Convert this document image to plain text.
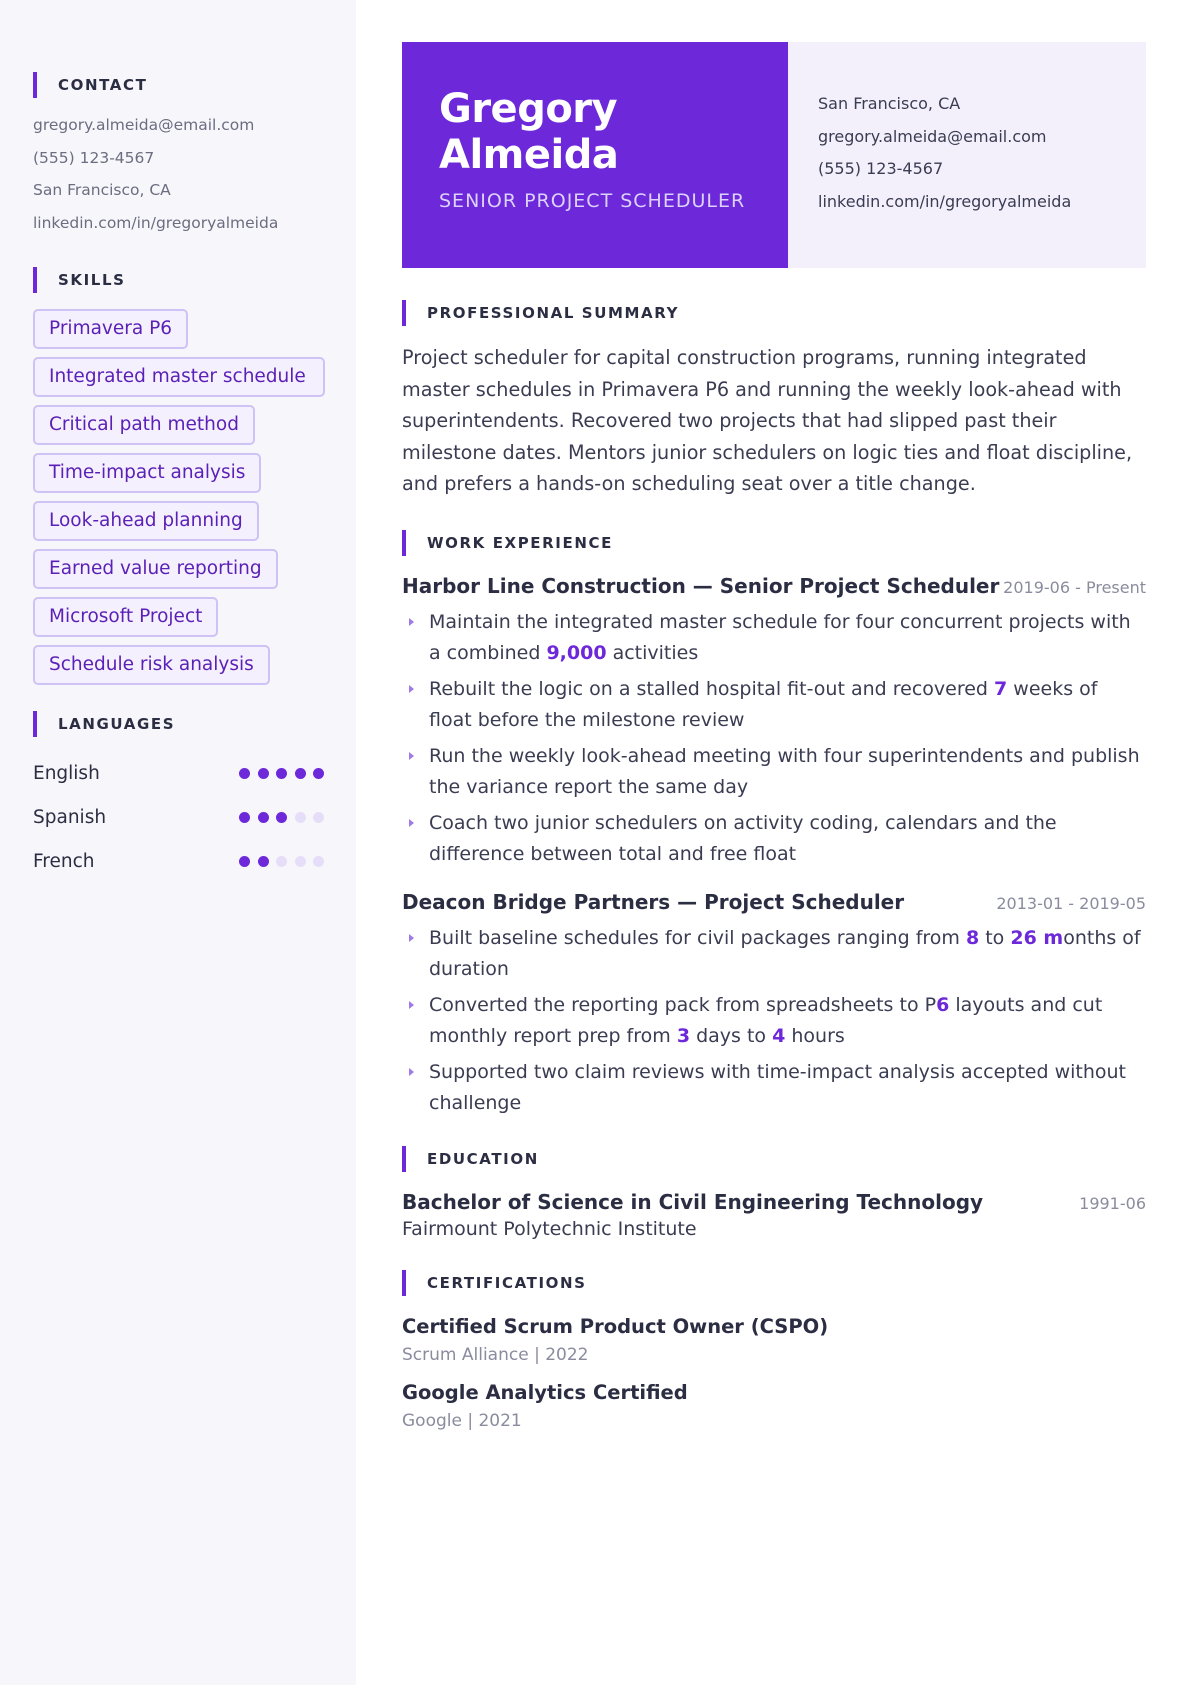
CONTACT
gregory.almeida@email.com
(555) 123-4567
San Francisco, CA
linkedin.com/in/gregoryalmeida
SKILLS
Primavera P6
Integrated master schedule
Critical path method
Time-impact analysis
Look-ahead planning
Earned value reporting
Microsoft Project
Schedule risk analysis
LANGUAGES
English
Spanish
French
Gregory
Almeida
SENIOR PROJECT SCHEDULER
San Francisco, CA
gregory.almeida@email.com
(555) 123-4567
linkedin.com/in/gregoryalmeida
PROFESSIONAL SUMMARY

Project scheduler for capital construction programs, running integrated master schedules in Primavera P6 and running the weekly look-ahead with superintendents. Recovered two projects that had slipped past their milestone dates. Mentors junior schedulers on logic ties and float discipline, and prefers a hands-on scheduling seat over a title change.

WORK EXPERIENCE
Harbor Line Construction — Senior Project Scheduler 2019-06 - Present
Maintain the integrated master schedule for four concurrent projects with a combined 9,000 activities
Rebuilt the logic on a stalled hospital fit-out and recovered 7 weeks of float before the milestone review
Run the weekly look-ahead meeting with four superintendents and publish the variance report the same day
Coach two junior schedulers on activity coding, calendars and the difference between total and free float
Deacon Bridge Partners — Project Scheduler	2013-01 - 2019-05
Built baseline schedules for civil packages ranging from 8 to 26 months of duration
Converted the reporting pack from spreadsheets to P6 layouts and cut monthly report prep from 3 days to 4 hours
Supported two claim reviews with time-impact analysis accepted without challenge
EDUCATION
Bachelor of Science in Civil Engineering Technology	1991-06
Fairmount Polytechnic Institute
CERTIFICATIONS
Certified Scrum Product Owner (CSPO)
Scrum Alliance | 2022
Google Analytics Certified
Google | 2021
